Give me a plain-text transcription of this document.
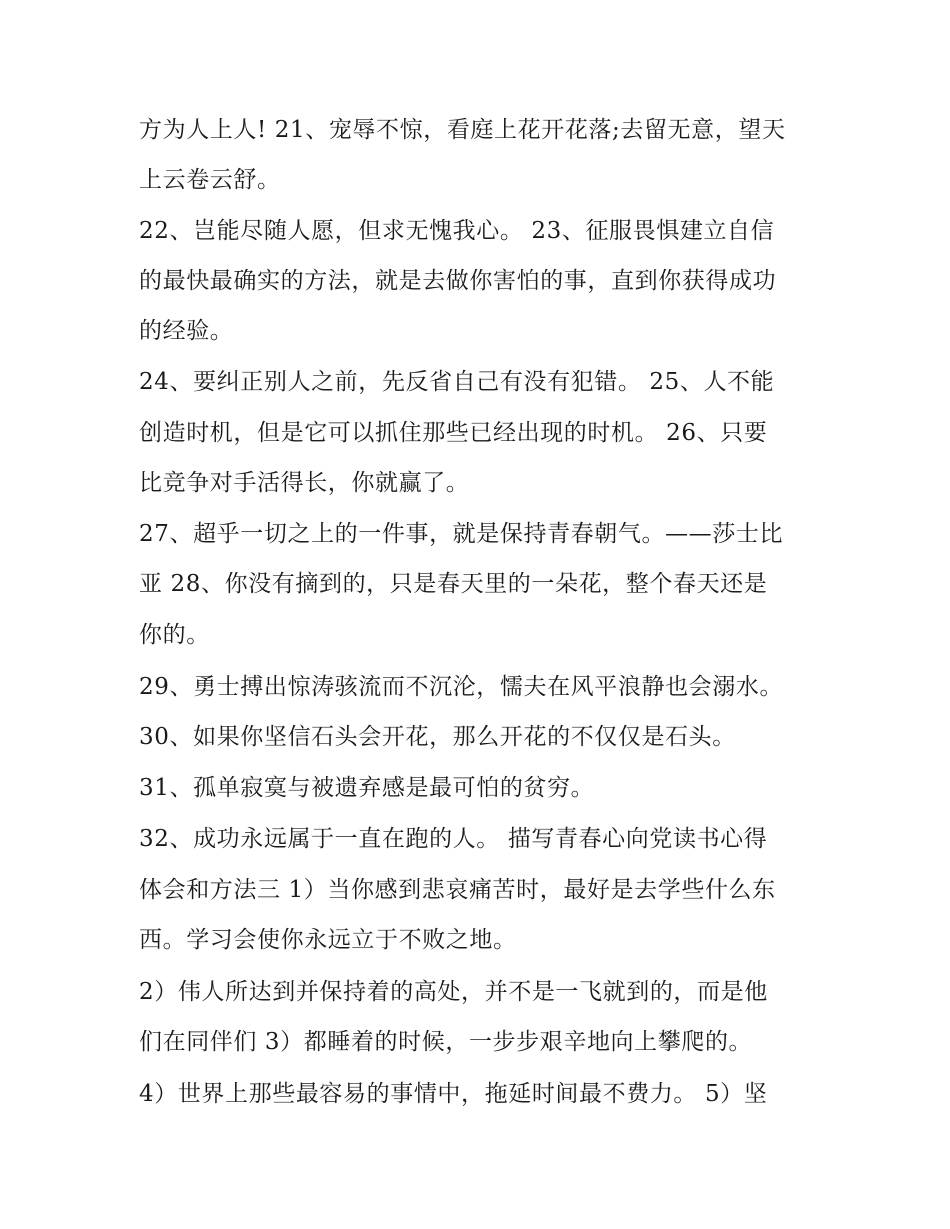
方为人上人! 21、宠辱不惊，看庭上花开花落;去留无意，望天

上云卷云舒。

22、岂能尽随人愿，但求无愧我心。 23、征服畏惧建立自信

的最快最确实的方法，就是去做你害怕的事，直到你获得成功

的经验。

24、要纠正别人之前，先反省自己有没有犯错。 25、人不能

创造时机，但是它可以抓住那些已经出现的时机。 26、只要

比竞争对手活得长，你就赢了。

27、超乎一切之上的一件事，就是保持青春朝气。——莎士比

亚 28、你没有摘到的，只是春天里的一朵花，整个春天还是

你的。

29、勇士搏出惊涛骇流而不沉沦，懦夫在风平浪静也会溺水。

30、如果你坚信石头会开花，那么开花的不仅仅是石头。

31、孤单寂寞与被遗弃感是最可怕的贫穷。

32、成功永远属于一直在跑的人。 描写青春心向党读书心得

体会和方法三 1）当你感到悲哀痛苦时，最好是去学些什么东

西。学习会使你永远立于不败之地。

2）伟人所达到并保持着的高处，并不是一飞就到的，而是他

们在同伴们 3）都睡着的时候，一步步艰辛地向上攀爬的。

4）世界上那些最容易的事情中，拖延时间最不费力。 5）坚
